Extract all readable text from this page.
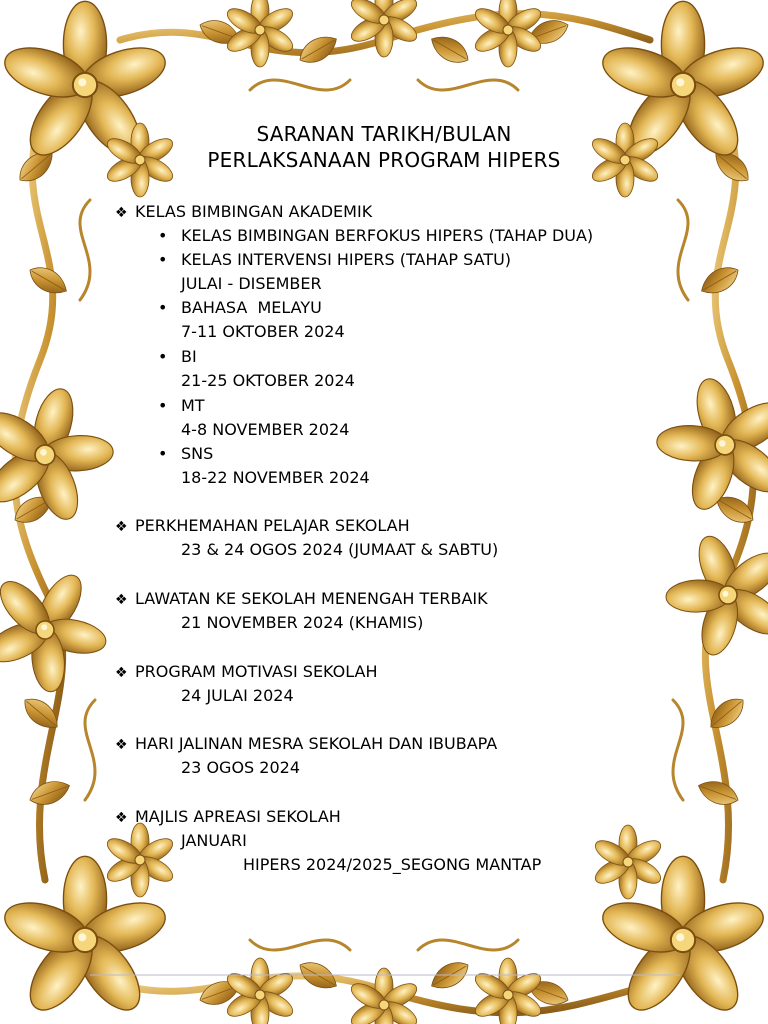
SARANAN TARIKH/BULAN
PERLAKSANAAN PROGRAM HIPERS
❖ KELAS BIMBINGAN AKADEMIK
• KELAS BIMBINGAN BERFOKUS HIPERS (TAHAP DUA)
• KELAS INTERVENSI HIPERS (TAHAP SATU)
JULAI - DISEMBER
• BAHASA  MELAYU
7-11 OKTOBER 2024
• BI
21-25 OKTOBER 2024
• MT
4-8 NOVEMBER 2024
• SNS
18-22 NOVEMBER 2024
❖ PERKHEMAHAN PELAJAR SEKOLAH
23 & 24 OGOS 2024 (JUMAAT & SABTU)
❖ LAWATAN KE SEKOLAH MENENGAH TERBAIK
21 NOVEMBER 2024 (KHAMIS)
❖ PROGRAM MOTIVASI SEKOLAH
24 JULAI 2024
❖ HARI JALINAN MESRA SEKOLAH DAN IBUBAPA
23 OGOS 2024
❖ MAJLIS APREASI SEKOLAH
JANUARI
HIPERS 2024/2025_SEGONG MANTAP
